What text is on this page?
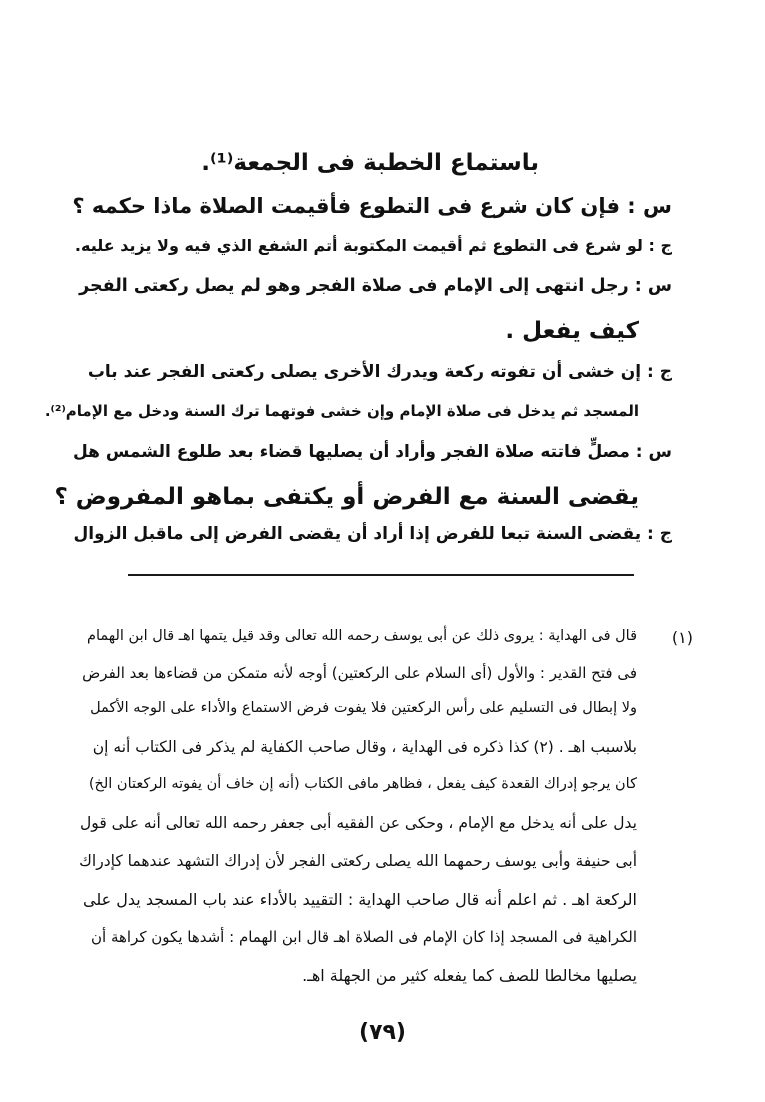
باستماع الخطبة فى الجمعة⁽¹⁾.
س : فإن كان شرع فى التطوع فأقيمت الصلاة ماذا حكمه ؟
ج : لو شرع فى التطوع ثم أقيمت المكتوبة أتم الشفع الذي فيه ولا يزيد عليه.
س : رجل انتهى إلى الإمام فى صلاة الفجر وهو لم يصل ركعتى الفجر
كيف يفعل .
ج : إن خشى أن تفوته ركعة ويدرك الأخرى يصلى ركعتى الفجر عند باب
المسجد ثم يدخل فى صلاة الإمام وإن خشى فوتهما ترك السنة ودخل مع الإمام⁽²⁾.
س : مصلٍّ فاتته صلاة الفجر وأراد أن يصليها قضاء بعد طلوع الشمس هل
يقضى السنة مع الفرض أو يكتفى بماهو المفروض ؟
ج : يقضى السنة تبعا للفرض إذا أراد أن يقضى الفرض إلى ماقبل الزوال
(١)
قال فى الهداية : يروى ذلك عن أبى يوسف رحمه الله تعالى وقد قيل يتمها اهـ قال ابن الهمام
فى فتح القدير : والأول (أى السلام على الركعتين) أوجه لأنه متمكن من قضاءها بعد الفرض
ولا إبطال فى التسليم على رأس الركعتين فلا يفوت فرض الاستماع والأداء على الوجه الأكمل
بلاسبب اهـ . (٢) كذا ذكره فى الهداية ، وقال صاحب الكفاية لم يذكر فى الكتاب أنه إن
كان يرجو إدراك القعدة كيف يفعل ، فظاهر مافى الكتاب (أنه إن خاف أن يفوته الركعتان الخ)
يدل على أنه يدخل مع الإمام ، وحكى عن الفقيه أبى جعفر رحمه الله تعالى أنه على قول
أبى حنيفة وأبى يوسف رحمهما الله يصلى ركعتى الفجر لأن إدراك التشهد عندهما كإدراك
الركعة اهـ . ثم اعلم أنه قال صاحب الهداية : التقييد بالأداء عند باب المسجد يدل على
الكراهية فى المسجد إذا كان الإمام فى الصلاة اهـ قال ابن الهمام : أشدها يكون كراهة أن
يصليها مخالطا للصف كما يفعله كثير من الجهلة اهـ.
(٧٩)
